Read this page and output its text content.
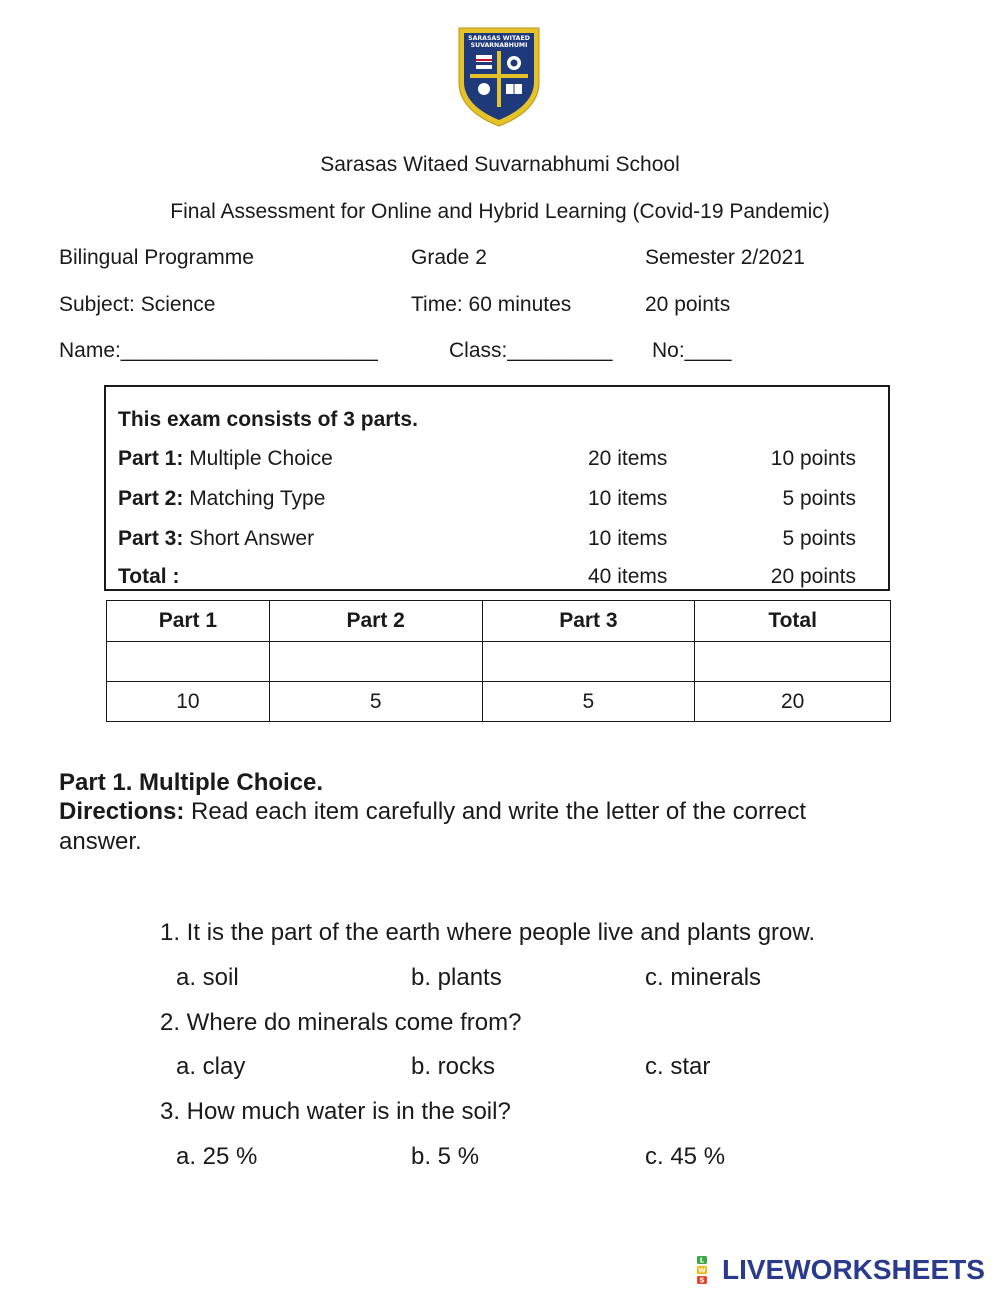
SARASAS WITAED
SUVARNABHUMI
Sarasas Witaed Suvarnabhumi School
Final Assessment for Online and Hybrid Learning (Covid-19 Pandemic)
Bilingual Programme	Grade 2	Semester 2/2021
Subject: Science	Time: 60 minutes	20 points
Name:______________________	Class:_________ No:____
This exam consists of 3 parts.
Part 1: Multiple Choice	20 items	10 points
Part 2: Matching Type	10 items	5 points
Part 3: Short Answer	10 items	5 points
Total :	40 items	20 points
Part 1	Part 2	Part 3	Total

10	5	5	20
Part 1. Multiple Choice.
Directions: Read each item carefully and write the letter of the correct
answer.
1. It is the part of the earth where people live and plants grow.
a. soil	b. plants	c. minerals
2. Where do minerals come from?
a. clay	b. rocks	c. star
3. How much water is in the soil?
a. 25 %	b. 5 %	c. 45 %
L
W
S LIVEWORKSHEETS
